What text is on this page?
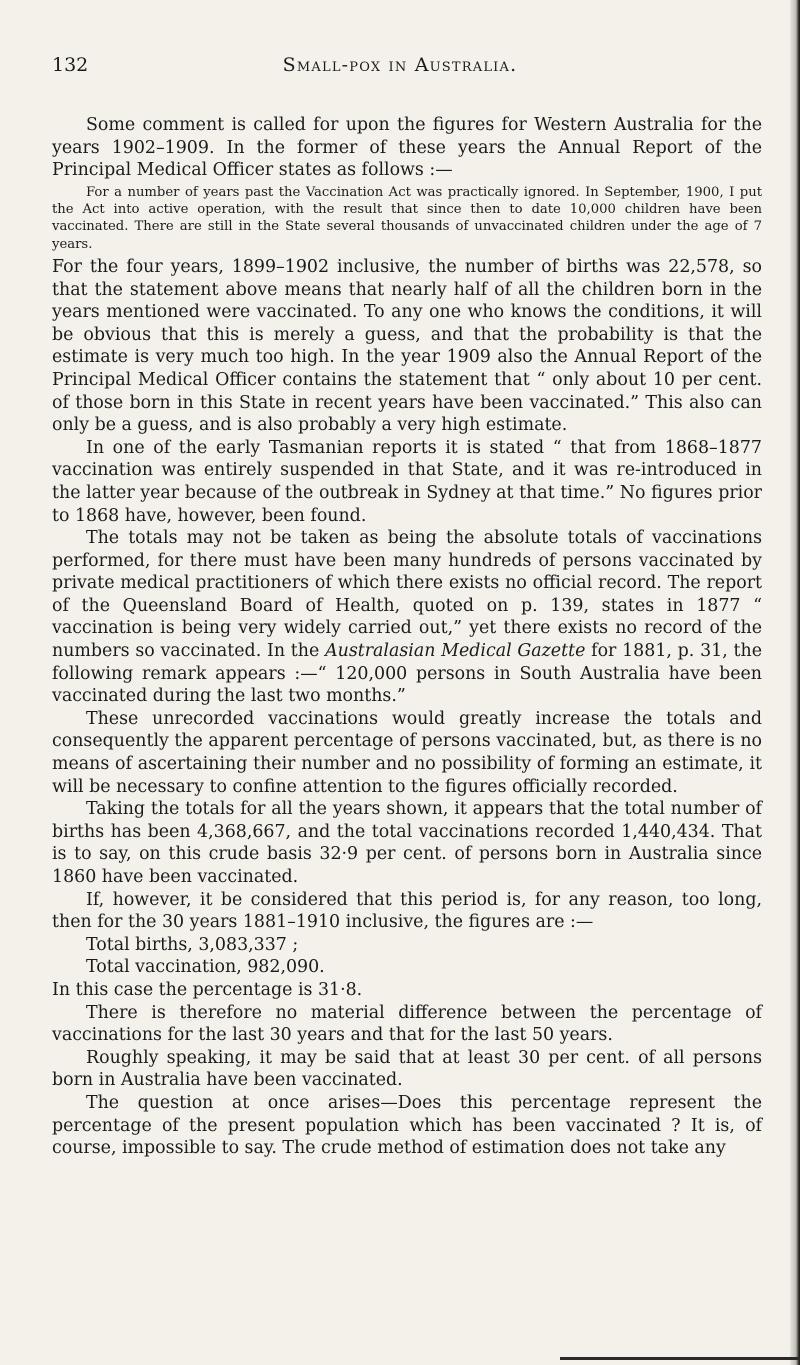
132	Small-pox in Australia.

Some comment is called for upon the figures for Western Australia for the years 1902–1909. In the former of these years the Annual Report of the Principal Medical Officer states as follows :—

For a number of years past the Vaccination Act was practically ignored. In September, 1900, I put the Act into active operation, with the result that since then to date 10,000 children have been vaccinated. There are still in the State several thousands of unvaccinated children under the age of 7 years.

For the four years, 1899–1902 inclusive, the number of births was 22,578, so that the statement above means that nearly half of all the children born in the years mentioned were vaccinated. To any one who knows the conditions, it will be obvious that this is merely a guess, and that the probability is that the estimate is very much too high. In the year 1909 also the Annual Report of the Principal Medical Officer contains the statement that “ only about 10 per cent. of those born in this State in recent years have been vaccinated.” This also can only be a guess, and is also probably a very high estimate.

In one of the early Tasmanian reports it is stated “ that from 1868–1877 vaccination was entirely suspended in that State, and it was re-introduced in the latter year because of the outbreak in Sydney at that time.” No figures prior to 1868 have, however, been found.

The totals may not be taken as being the absolute totals of vaccinations performed, for there must have been many hundreds of persons vaccinated by private medical practitioners of which there exists no official record. The report of the Queensland Board of Health, quoted on p. 139, states in 1877 “ vaccination is being very widely carried out,” yet there exists no record of the numbers so vaccinated. In the Australasian Medical Gazette for 1881, p. 31, the following remark appears :—“ 120,000 persons in South Australia have been vaccinated during the last two months.”

These unrecorded vaccinations would greatly increase the totals and consequently the apparent percentage of persons vaccinated, but, as there is no means of ascertaining their number and no possibility of forming an estimate, it will be necessary to confine attention to the figures officially recorded.

Taking the totals for all the years shown, it appears that the total number of births has been 4,368,667, and the total vaccinations recorded 1,440,434. That is to say, on this crude basis 32·9 per cent. of persons born in Australia since 1860 have been vaccinated.

If, however, it be considered that this period is, for any reason, too long, then for the 30 years 1881–1910 inclusive, the figures are :—

Total births, 3,083,337 ;

Total vaccination, 982,090.

In this case the percentage is 31·8.

There is therefore no material difference between the percentage of vaccinations for the last 30 years and that for the last 50 years.

Roughly speaking, it may be said that at least 30 per cent. of all persons born in Australia have been vaccinated.

The question at once arises—Does this percentage represent the percentage of the present population which has been vaccinated ? It is, of course, impossible to say. The crude method of estimation does not take any
